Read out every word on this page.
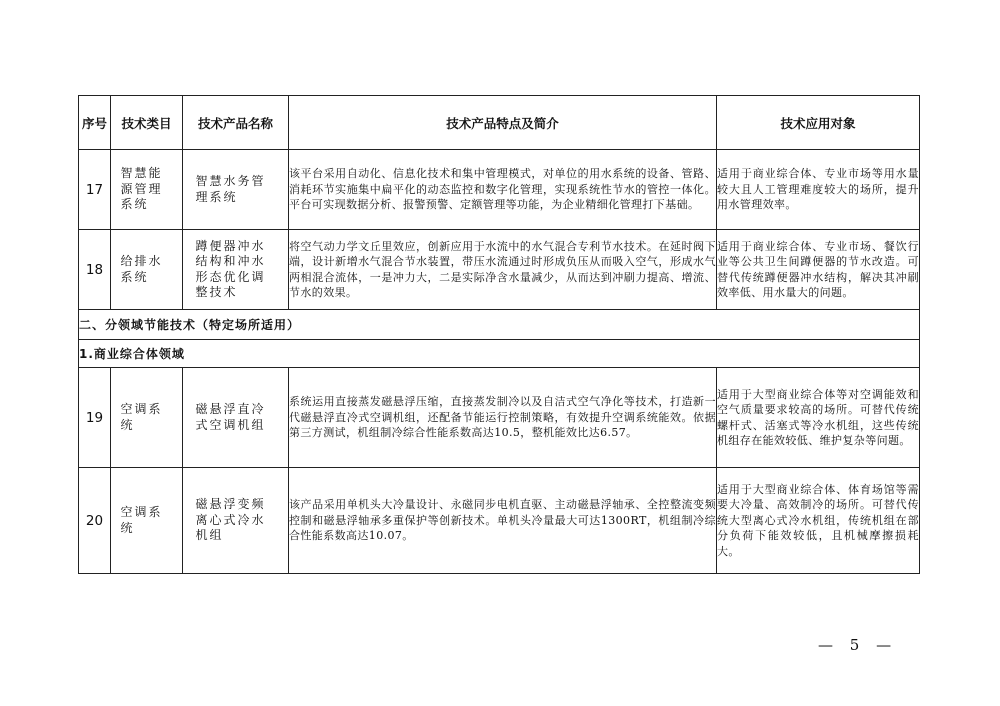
序号	技术类目	技术产品名称	技术产品特点及简介	技术应用对象
17	智慧能源管理系统	智慧水务管理系统	该平台采用自动化、信息化技术和集中管理模式，对单位的用水系统的设备、管路、消耗环节实施集中扁平化的动态监控和数字化管理，实现系统性节水的管控一体化。平台可实现数据分析、报警预警、定额管理等功能，为企业精细化管理打下基础。	适用于商业综合体、专业市场等用水量较大且人工管理难度较大的场所，提升用水管理效率。
18	给排水系统	蹲便器冲水结构和冲水形态优化调整技术	将空气动力学文丘里效应，创新应用于水流中的水气混合专利节水技术。在延时阀下端，设计新增水气混合节水装置，带压水流通过时形成负压从而吸入空气，形成水气两相混合流体，一是冲力大，二是实际净含水量减少，从而达到冲刷力提高、增流、节水的效果。	适用于商业综合体、专业市场、餐饮行业等公共卫生间蹲便器的节水改造。可替代传统蹲便器冲水结构，解决其冲刷效率低、用水量大的问题。
二、分领域节能技术（特定场所适用）				
1.商业综合体领域				
19	空调系统	磁悬浮直冷式空调机组	系统运用直接蒸发磁悬浮压缩，直接蒸发制冷以及自洁式空气净化等技术，打造新一代磁悬浮直冷式空调机组，还配备节能运行控制策略，有效提升空调系统能效。依据第三方测试，机组制冷综合性能系数高达10.5，整机能效比达6.57。	适用于大型商业综合体等对空调能效和空气质量要求较高的场所。可替代传统螺杆式、活塞式等冷水机组，这些传统机组存在能效较低、维护复杂等问题。
20	空调系统	磁悬浮变频离心式冷水机组	该产品采用单机头大冷量设计、永磁同步电机直驱、主动磁悬浮轴承、全控整流变频控制和磁悬浮轴承多重保护等创新技术。单机头冷量最大可达1300RT，机组制冷综合性能系数高达10.07。	适用于大型商业综合体、体育场馆等需要大冷量、高效制冷的场所。可替代传统大型离心式冷水机组，传统机组在部分负荷下能效较低，且机械摩擦损耗大。
— 5 —
